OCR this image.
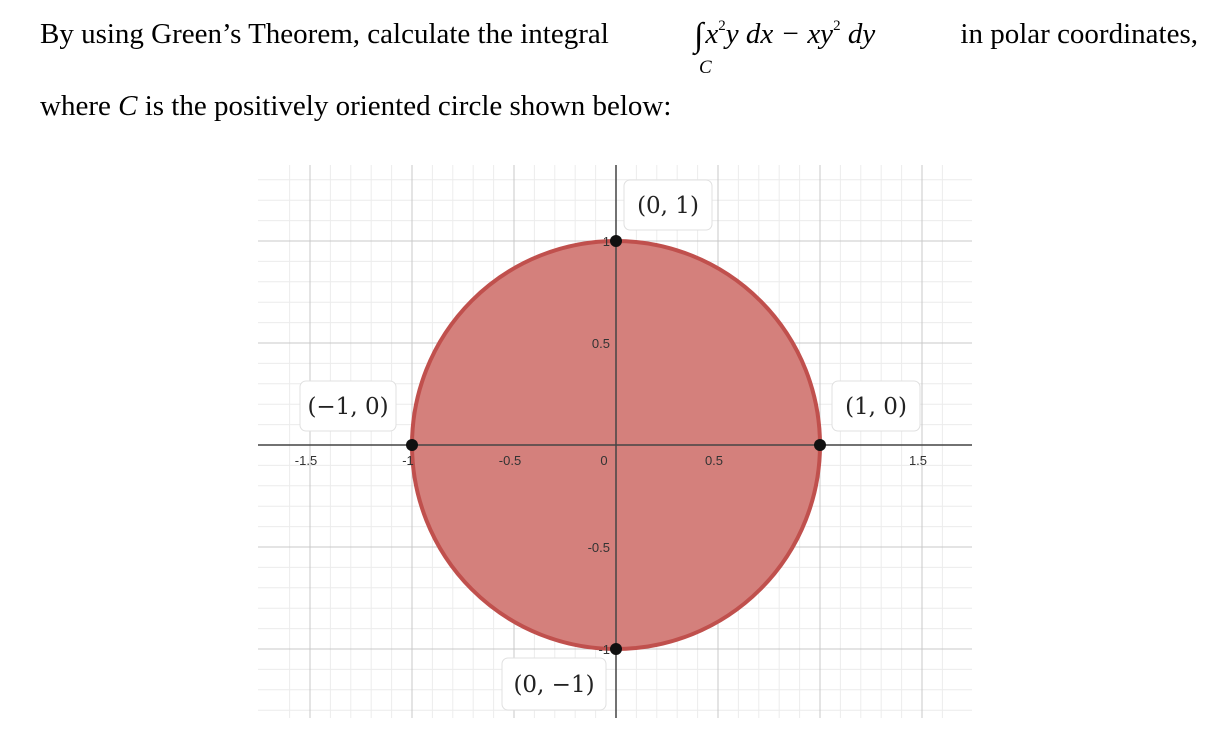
By using Green’s Theorem, calculate the integral	$\int x^2y$ dx − $xy^2$ dy	in polar coordinates,
C
where C is the positively oriented circle shown below:
-1.5	-1	-0.5	0	0.5	1.5
0.5
1
-0.5
-1
(0, 1)
(−1, 0)	(1, 0)
(0, −1)
